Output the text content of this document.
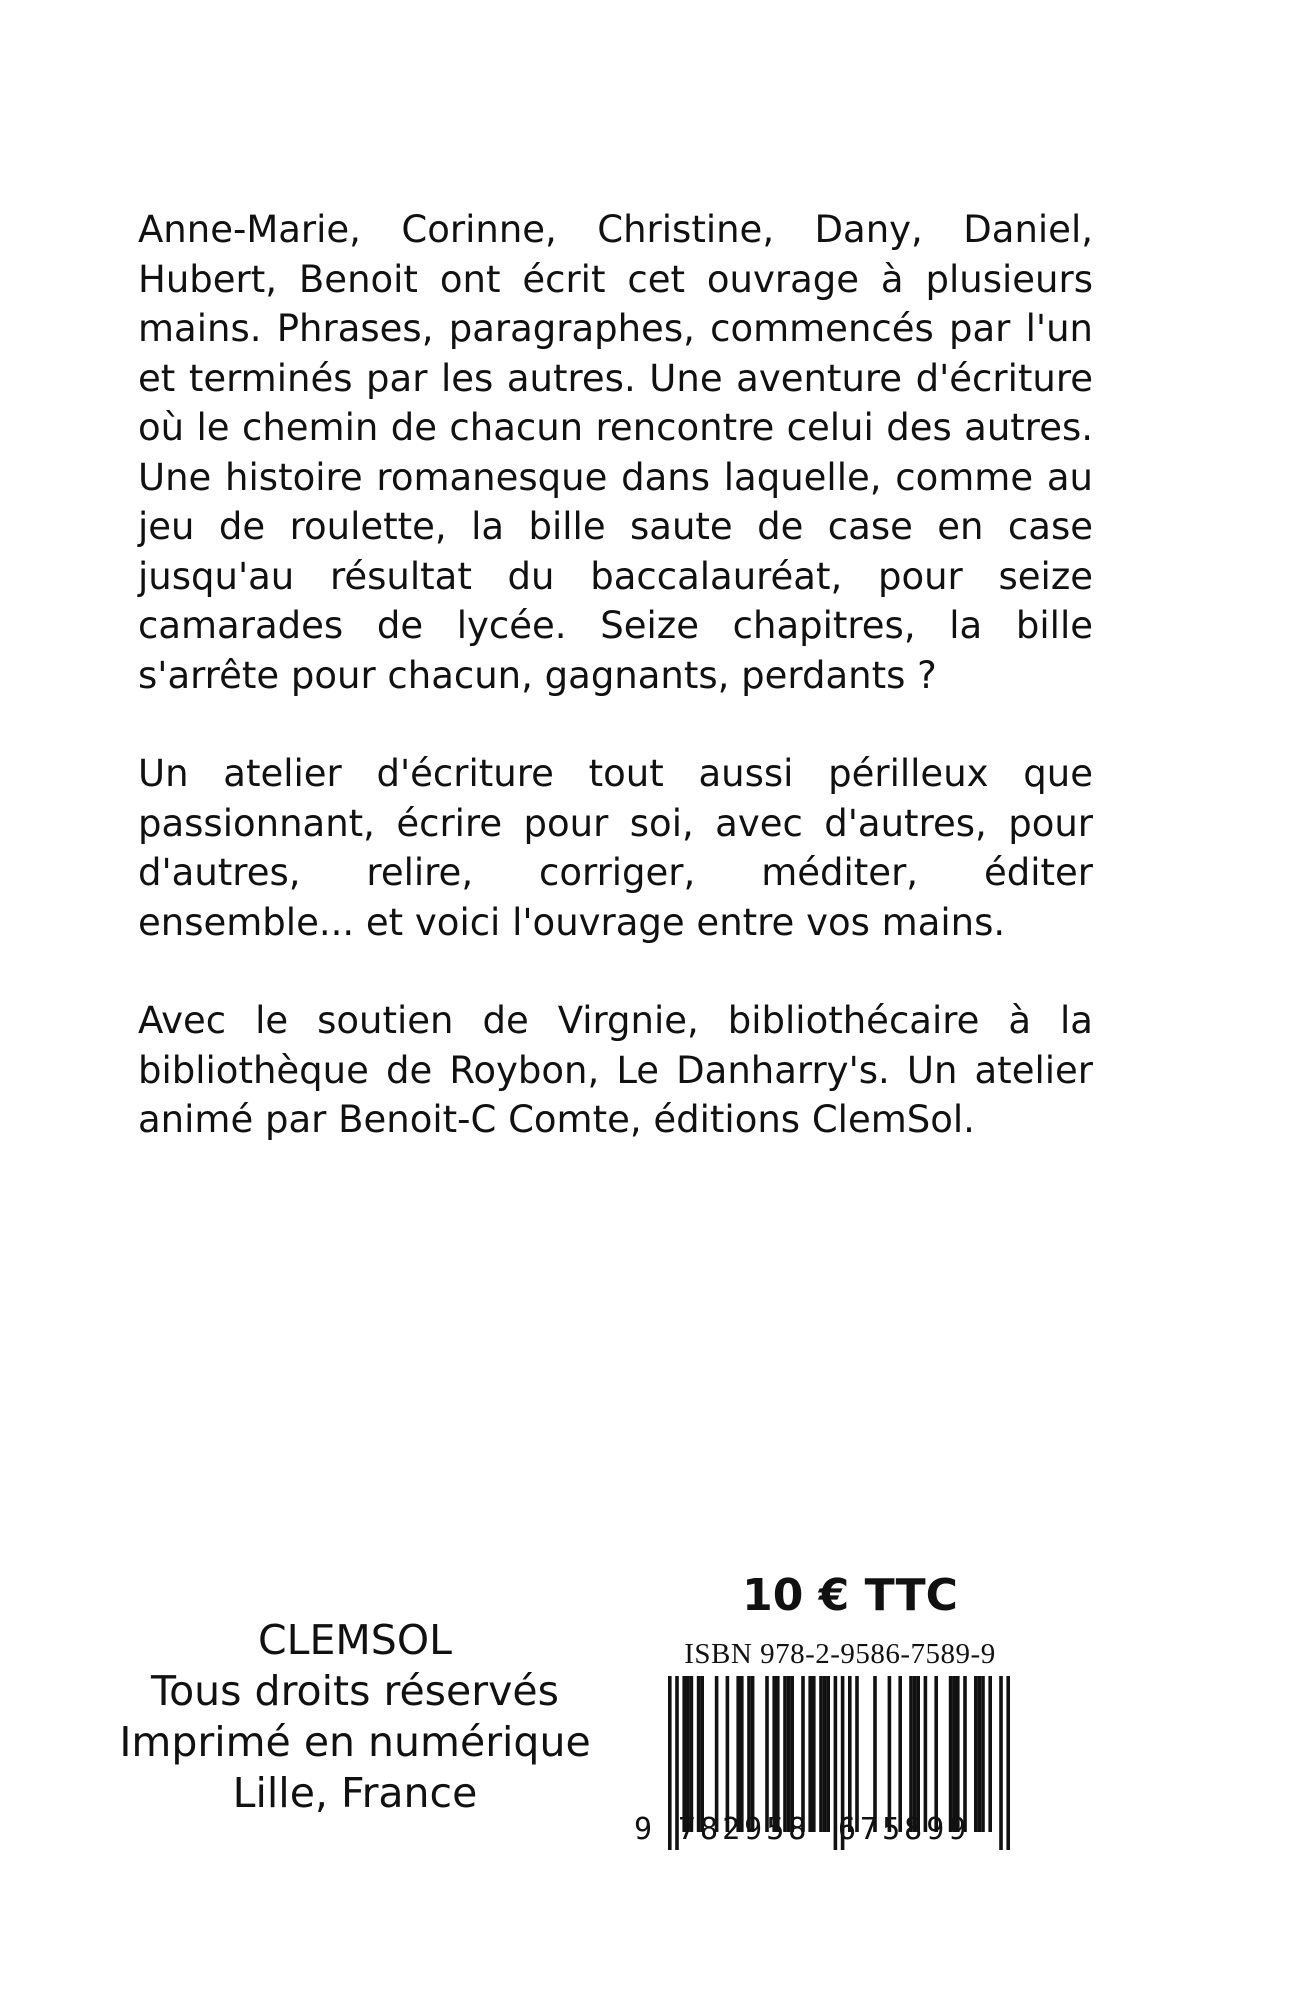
Anne-Marie, Corinne, Christine, Dany, Daniel, Hubert, Benoit ont écrit cet ouvrage à plusieurs mains. Phrases, paragraphes, commencés par l'un et terminés par les autres. Une aventure d'écriture où le chemin de chacun rencontre celui des autres. Une histoire romanesque dans laquelle, comme au jeu de roulette, la bille saute de case en case jusqu'au résultat du baccalauréat, pour seize camarades de lycée. Seize chapitres, la bille s'arrête pour chacun, gagnants, perdants ?

Un atelier d'écriture tout aussi périlleux que passionnant, écrire pour soi, avec d'autres, pour d'autres, relire, corriger, méditer, éditer ensemble... et voici l'ouvrage entre vos mains.

Avec le soutien de Virgnie, bibliothécaire à la bibliothèque de Roybon, Le Danharry's. Un atelier animé par Benoit-C Comte, éditions ClemSol.

CLEMSOL
Tous droits réservés
Imprimé en numérique
Lille, France
10 € TTC
ISBN 978-2-9586-7589-9
9 782958 675899
